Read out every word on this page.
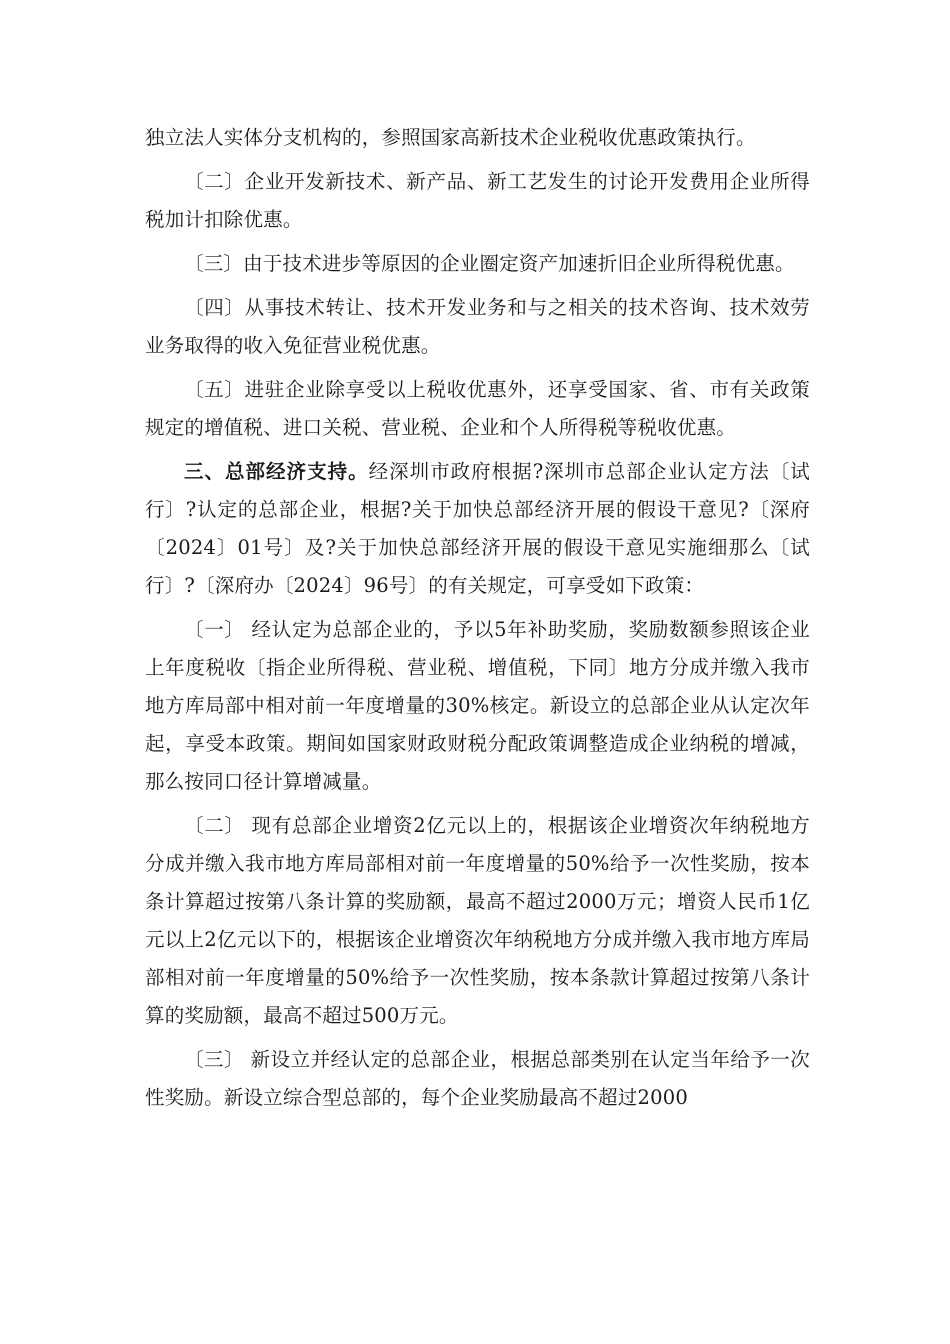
独立法人实体分支机构的，参照国家高新技术企业税收优惠政策执行。

〔二〕企业开发新技术、新产品、新工艺发生的讨论开发费用企业所得税加计扣除优惠。

〔三〕由于技术进步等原因的企业圈定资产加速折旧企业所得税优惠。

〔四〕从事技术转让、技术开发业务和与之相关的技术咨询、技术效劳业务取得的收入免征营业税优惠。

〔五〕进驻企业除享受以上税收优惠外，还享受国家、省、市有关政策规定的增值税、进口关税、营业税、企业和个人所得税等税收优惠。

三、总部经济支持。经深圳市政府根据?深圳市总部企业认定方法〔试行〕?认定的总部企业，根据?关于加快总部经济开展的假设干意见?〔深府〔2024〕01号〕及?关于加快总部经济开展的假设干意见实施细那么〔试行〕?〔深府办〔2024〕96号〕的有关规定，可享受如下政策：

〔一〕 经认定为总部企业的，予以5年补助奖励，奖励数额参照该企业上年度税收〔指企业所得税、营业税、增值税，下同〕地方分成并缴入我市地方库局部中相对前一年度增量的30%核定。新设立的总部企业从认定次年起，享受本政策。期间如国家财政财税分配政策调整造成企业纳税的增减，那么按同口径计算增减量。

〔二〕 现有总部企业增资2亿元以上的，根据该企业增资次年纳税地方分成并缴入我市地方库局部相对前一年度增量的50%给予一次性奖励，按本条计算超过按第八条计算的奖励额，最高不超过2000万元；增资人民币1亿元以上2亿元以下的，根据该企业增资次年纳税地方分成并缴入我市地方库局部相对前一年度增量的50%给予一次性奖励，按本条款计算超过按第八条计算的奖励额，最高不超过500万元。

〔三〕 新设立并经认定的总部企业，根据总部类别在认定当年给予一次性奖励。新设立综合型总部的，每个企业奖励最高不超过2000
